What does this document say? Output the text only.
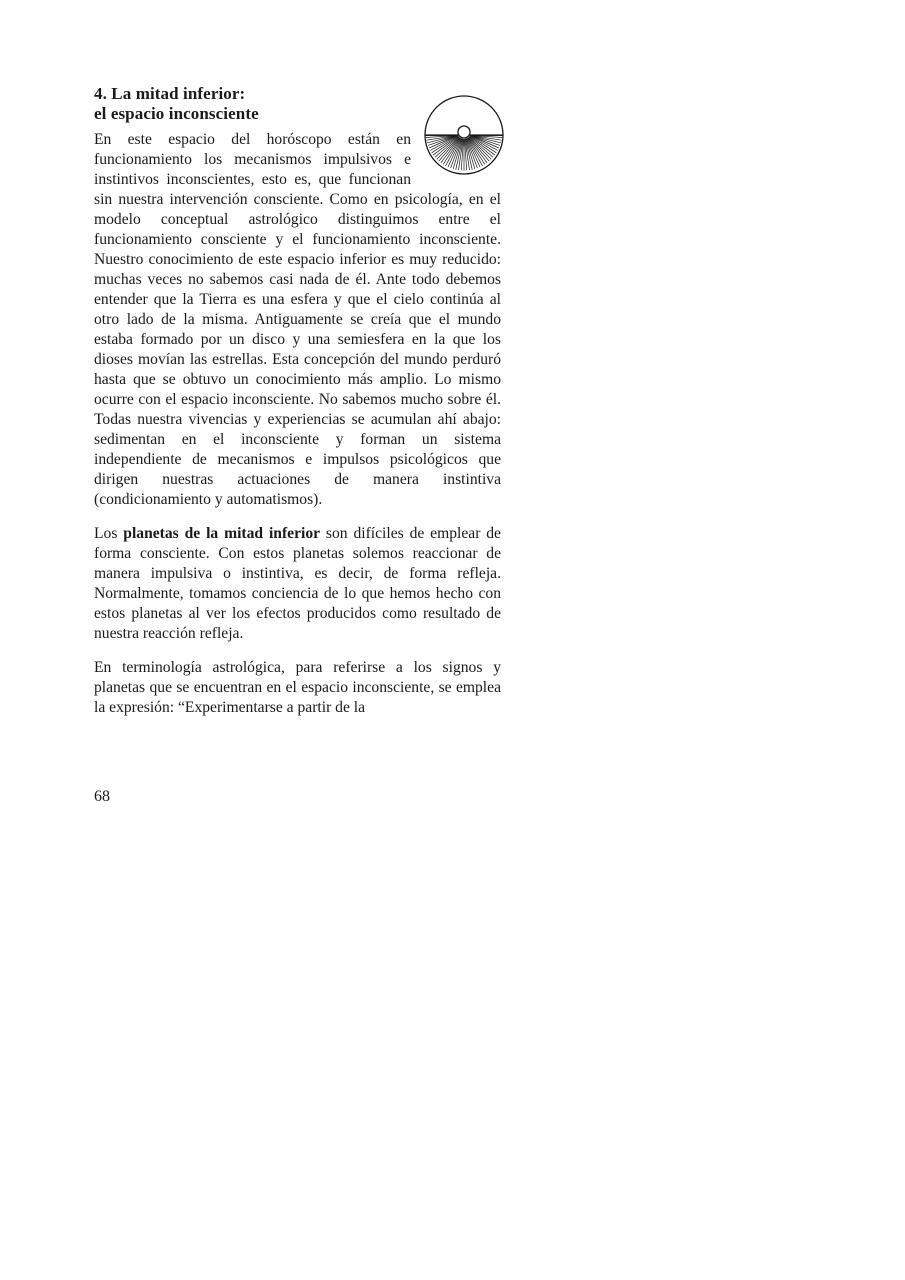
4. La mitad inferior:
el espacio inconsciente

En este espacio del horóscopo están en funcionamiento los mecanismos impulsivos e instintivos inconscientes, esto es, que funcionan sin nuestra intervención consciente. Como en psicología, en el modelo conceptual astrológico distinguimos entre el funcionamiento consciente y el funcionamiento inconsciente. Nuestro conocimiento de este espacio inferior es muy reducido: muchas veces no sabemos casi nada de él. Ante todo debemos entender que la Tierra es una esfera y que el cielo continúa al otro lado de la misma. Antiguamente se creía que el mundo estaba formado por un disco y una semiesfera en la que los dioses movían las estrellas. Esta concepción del mundo perduró hasta que se obtuvo un conocimiento más amplio. Lo mismo ocurre con el espacio inconsciente. No sabemos mucho sobre él. Todas nuestra vivencias y experiencias se acumulan ahí abajo: sedimentan en el inconsciente y forman un sistema independiente de mecanismos e impulsos psicológicos que dirigen nuestras actuaciones de manera instintiva (condicionamiento y automatismos).

Los planetas de la mitad inferior son difíciles de emplear de forma consciente. Con estos planetas solemos reaccionar de manera impulsiva o instintiva, es decir, de forma refleja. Normalmente, tomamos conciencia de lo que hemos hecho con estos planetas al ver los efectos producidos como resultado de nuestra reacción refleja.

En terminología astrológica, para referirse a los signos y planetas que se encuentran en el espacio inconsciente, se emplea la expresión: “Experimentarse a partir de la

68
